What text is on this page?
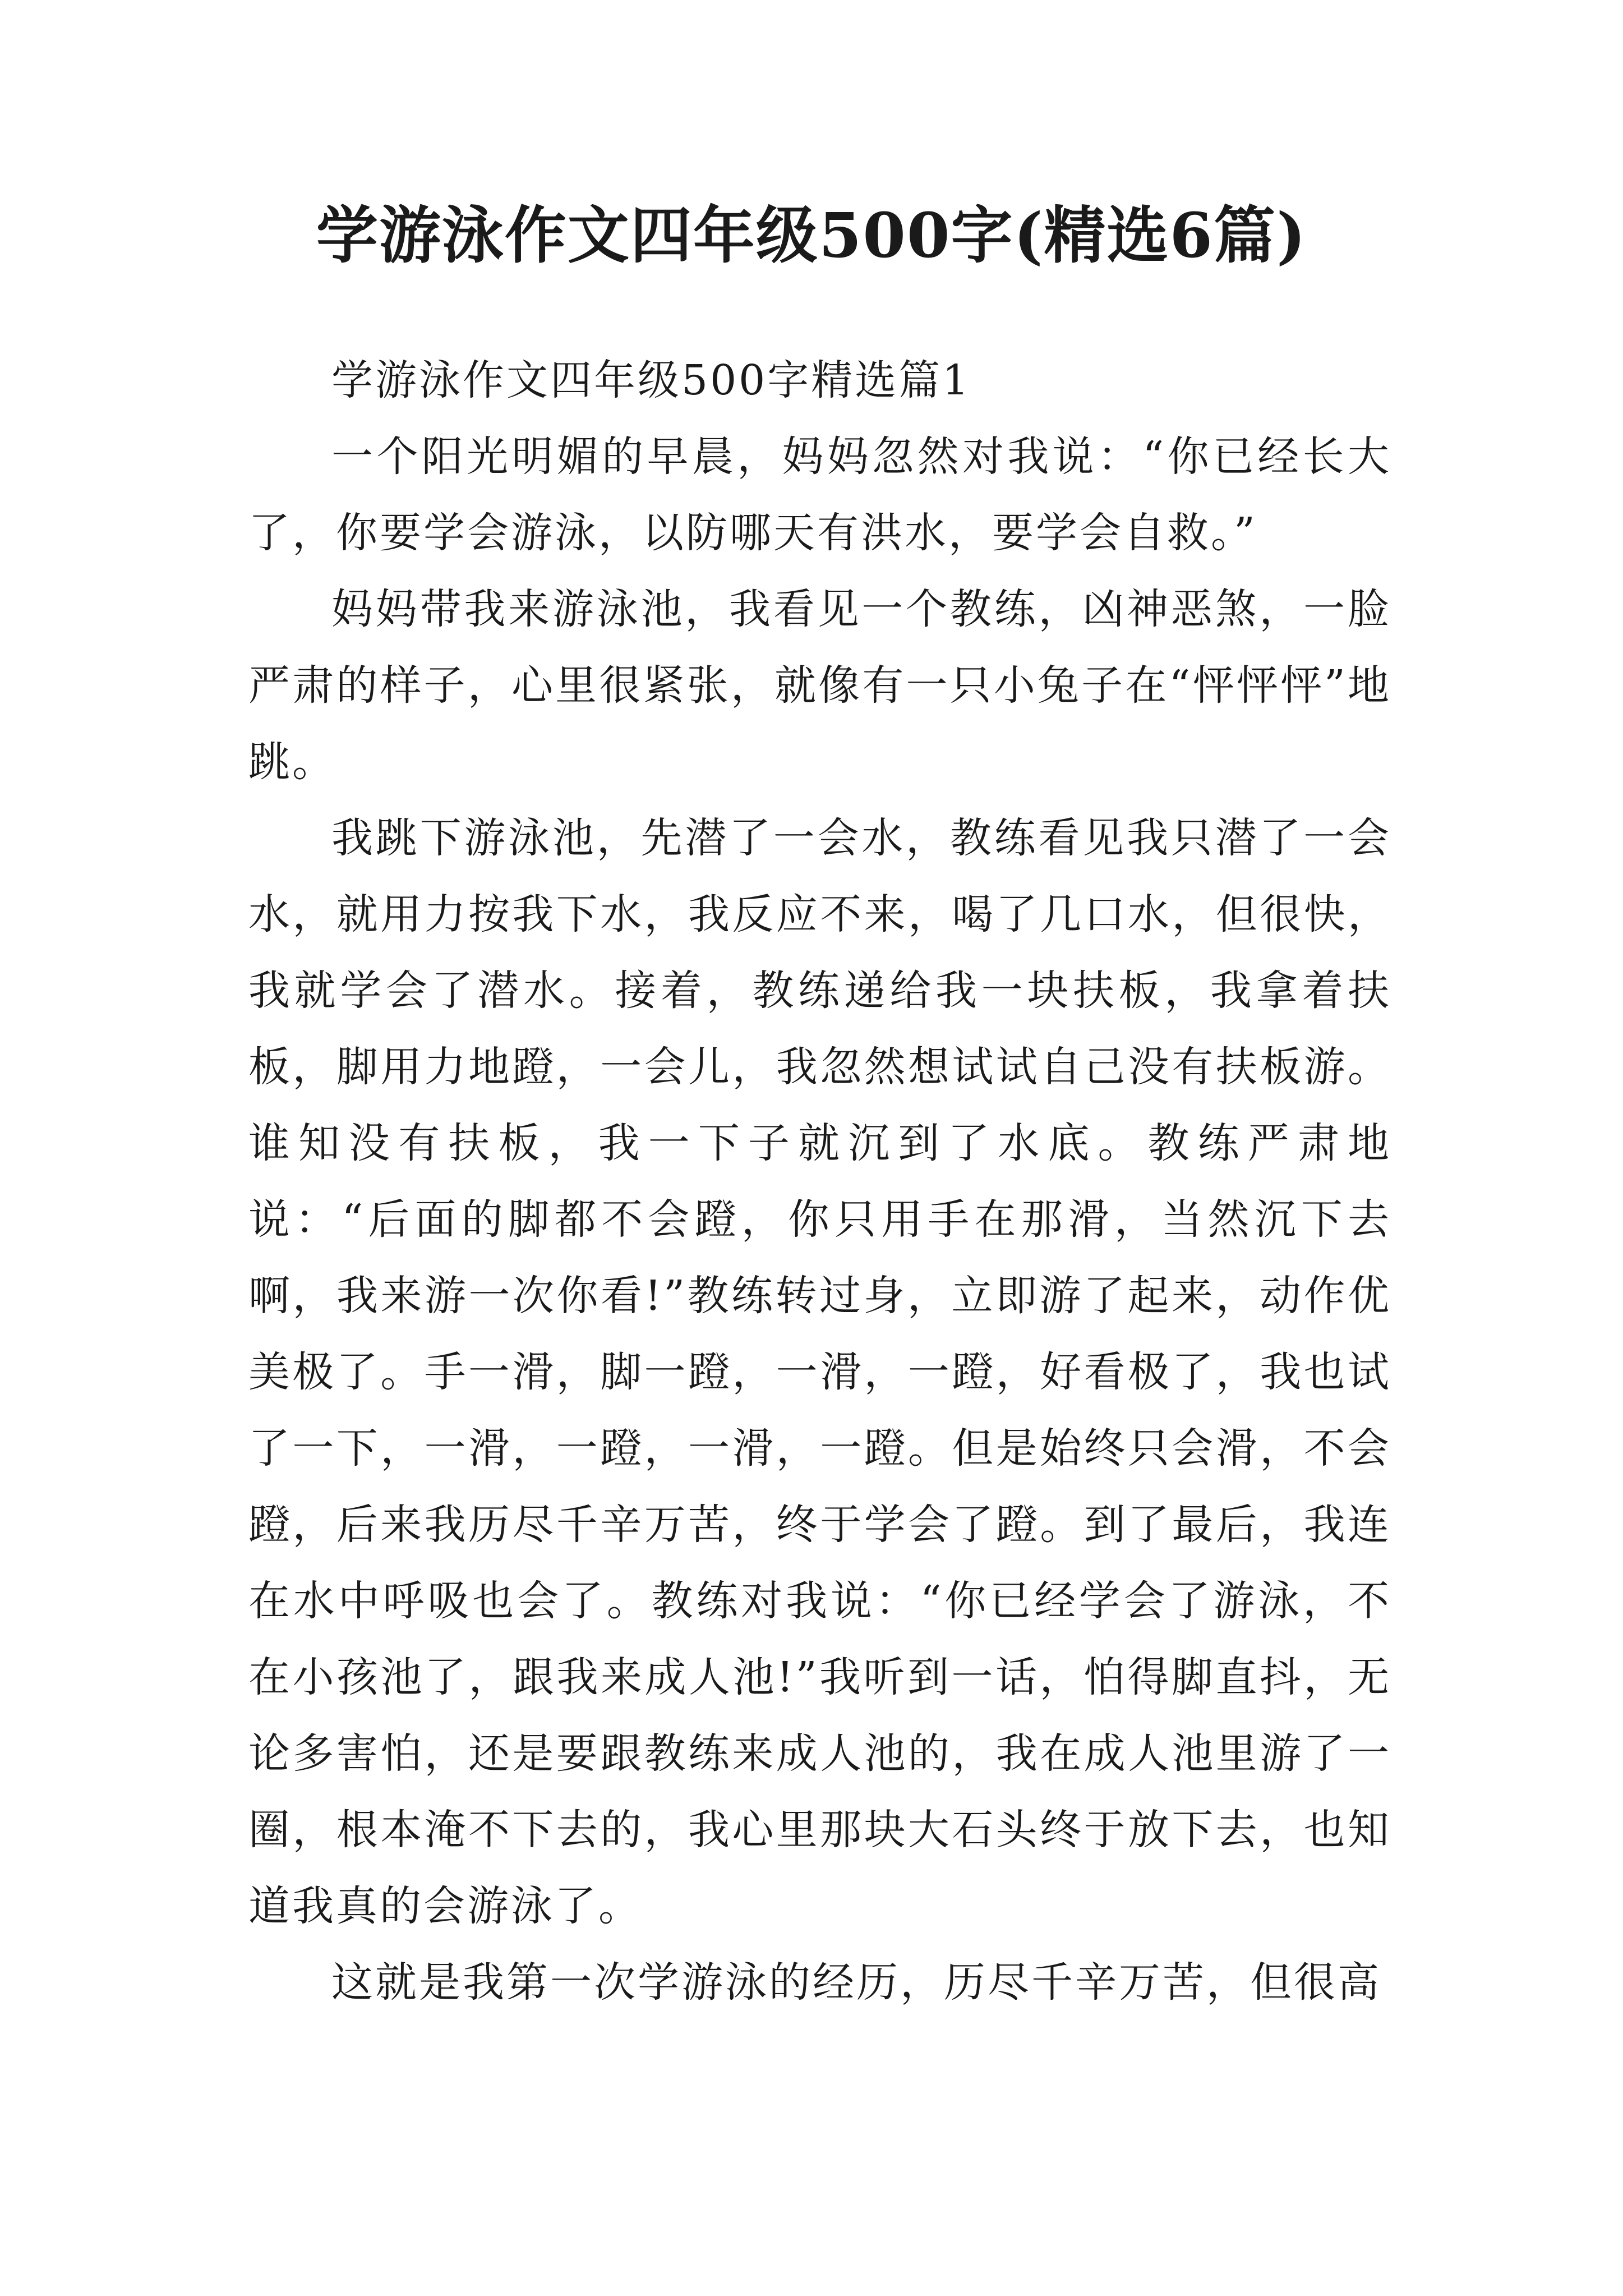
学游泳作文四年级500字(精选6篇)

学游泳作文四年级500字精选篇1

一个阳光明媚的早晨，妈妈忽然对我说：“你已经长大了，你要学会游泳，以防哪天有洪水，要学会自救。”

妈妈带我来游泳池，我看见一个教练，凶神恶煞，一脸严肃的样子，心里很紧张，就像有一只小兔子在“怦怦怦”地跳。

我跳下游泳池，先潜了一会水，教练看见我只潜了一会水，就用力按我下水，我反应不来，喝了几口水，但很快，我就学会了潜水。接着，教练递给我一块扶板，我拿着扶板，脚用力地蹬，一会儿，我忽然想试试自己没有扶板游。谁知没有扶板，我一下子就沉到了水底。教练严肃地说：“后面的脚都不会蹬，你只用手在那滑，当然沉下去啊，我来游一次你看!”教练转过身，立即游了起来，动作优美极了。手一滑，脚一蹬，一滑，一蹬，好看极了，我也试了一下，一滑，一蹬，一滑，一蹬。但是始终只会滑，不会蹬，后来我历尽千辛万苦，终于学会了蹬。到了最后，我连在水中呼吸也会了。教练对我说：“你已经学会了游泳，不在小孩池了，跟我来成人池!”我听到一话，怕得脚直抖，无论多害怕，还是要跟教练来成人池的，我在成人池里游了一圈，根本淹不下去的，我心里那块大石头终于放下去，也知道我真的会游泳了。

这就是我第一次学游泳的经历，历尽千辛万苦，但很高
